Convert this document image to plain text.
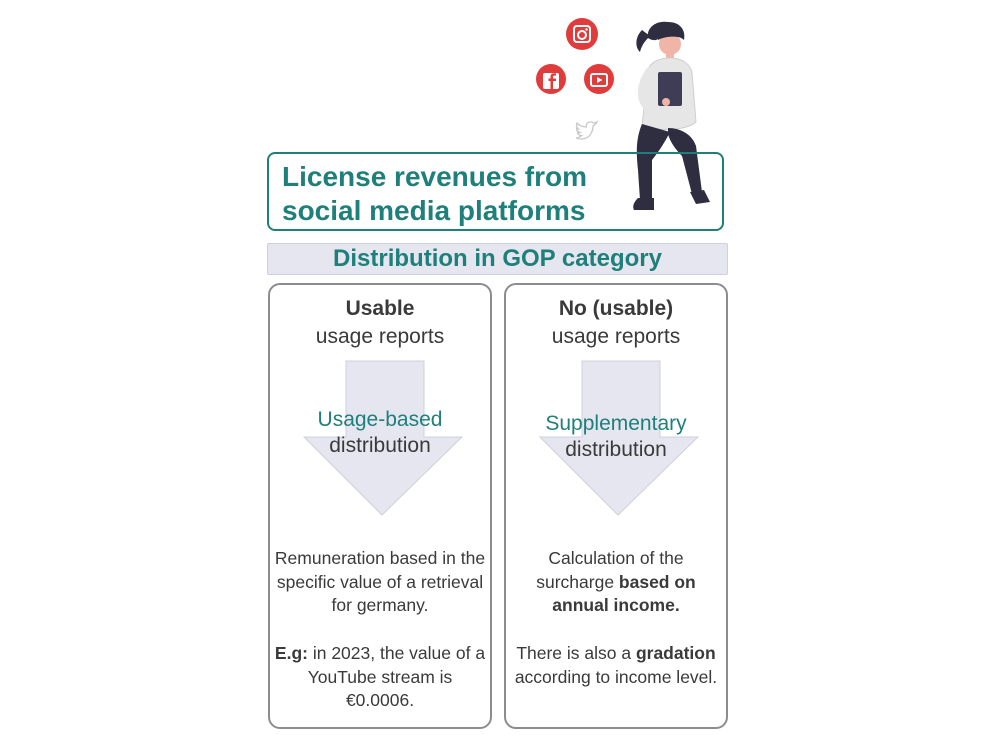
License revenues from
social media platforms
Distribution in GOP category
Usable
usage reports
Usage-based
distribution
Remuneration based in the specific value of a retrieval for germany.
E.g: in 2023, the value of a YouTube stream is €0.0006.
No (usable)
usage reports
Supplementary
distribution
Calculation of the surcharge based on annual income.
There is also a gradation according to income level.
